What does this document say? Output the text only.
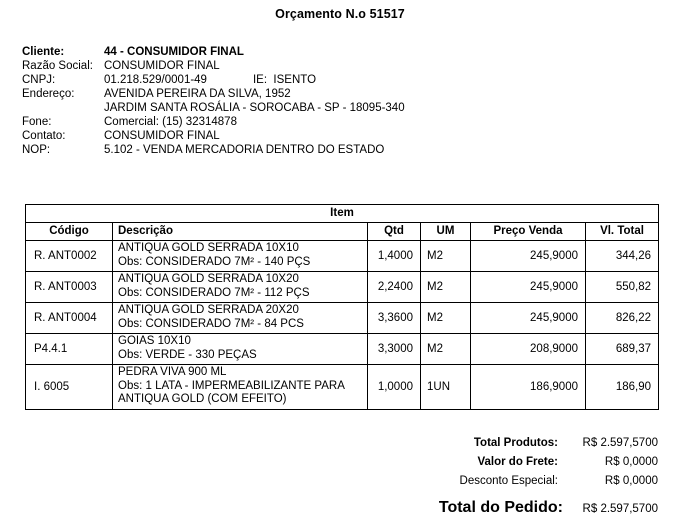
Orçamento N.o 51517
Cliente:	44 - CONSUMIDOR FINAL
Razão Social: CONSUMIDOR FINAL
CNPJ:	01.218.529/0001-49	IE:  ISENTO
Endereço:	AVENIDA PEREIRA DA SILVA, 1952
JARDIM SANTA ROSÁLIA - SOROCABA - SP - 18095-340
Fone:	Comercial: (15) 32314878
Contato:	CONSUMIDOR FINAL
NOP:	5.102 - VENDA MERCADORIA DENTRO DO ESTADO
Item					
Código	Descrição	Qtd	UM	Preço Venda	Vl. Total

R. ANT0002	ANTIQUA GOLD SERRADA 10X10
Obs: CONSIDERADO 7M² - 140 PÇS	1,4000	M2	245,9000	344,26
R. ANT0003	ANTIQUA GOLD SERRADA 10X20
Obs: CONSIDERADO 7M² - 112 PÇS	2,2400	M2	245,9000	550,82
R. ANT0004	ANTIQUA GOLD SERRADA 20X20
Obs: CONSIDERADO 7M² - 84 PCS	3,3600	M2	245,9000	826,22
P4.4.1	GOIAS 10X10
Obs: VERDE - 330 PEÇAS	3,3000	M2	208,9000	689,37
I. 6005	PEDRA VIVA 900 ML
Obs: 1 LATA - IMPERMEABILIZANTE PARA
ANTIQUA GOLD (COM EFEITO)	1,0000	1UN	186,9000	186,90
Total Produtos:	R$ 2.597,5700
Valor do Frete:	R$ 0,0000
Desconto Especial:	R$ 0,0000
Total do Pedido:	R$ 2.597,5700
